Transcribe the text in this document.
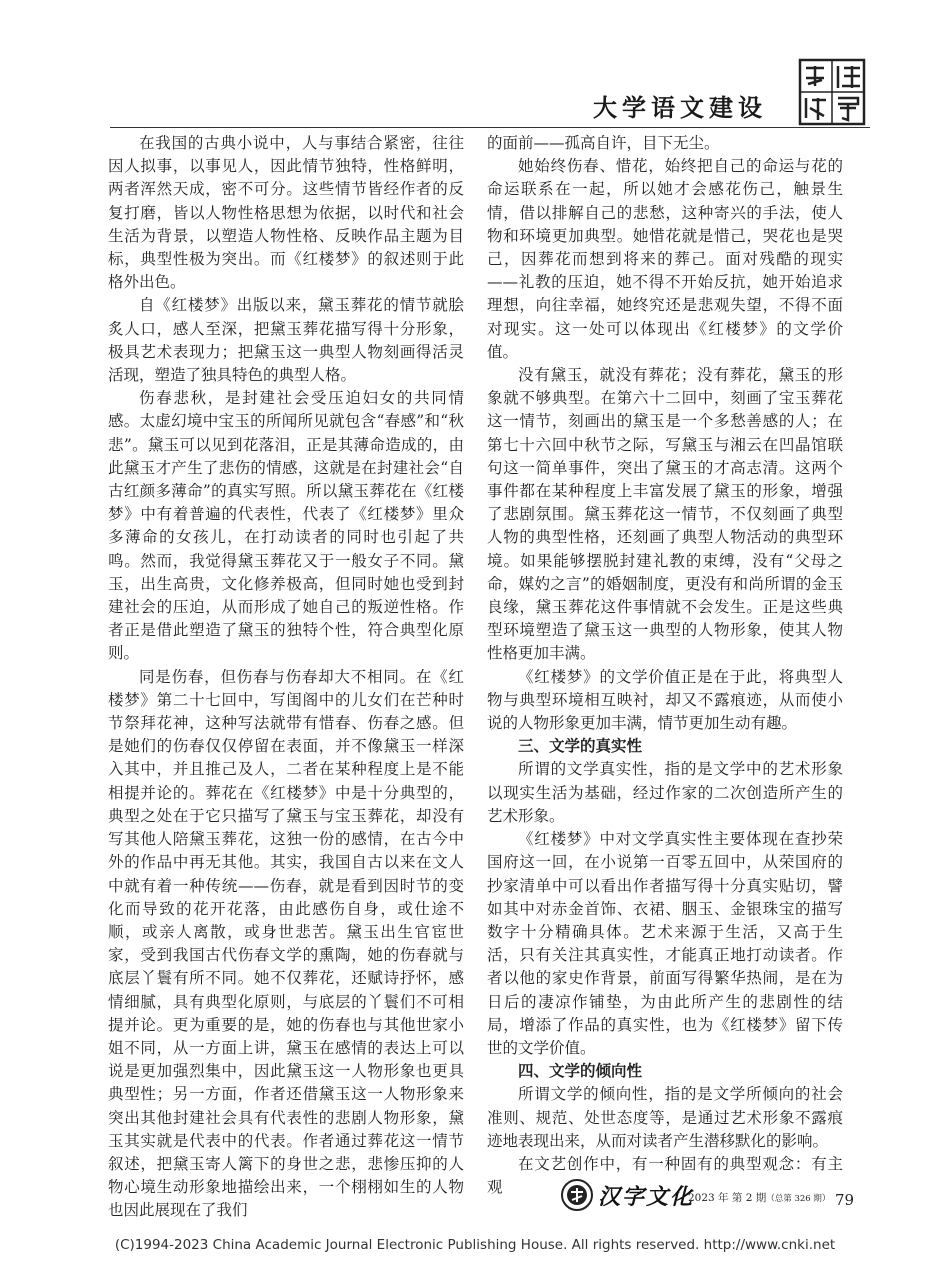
大学语文建设

在我国的古典小说中，人与事结合紧密，往往因人拟事，以事见人，因此情节独特，性格鲜明，两者浑然天成，密不可分。这些情节皆经作者的反复打磨，皆以人物性格思想为依据，以时代和社会生活为背景，以塑造人物性格、反映作品主题为目标，典型性极为突出。而《红楼梦》的叙述则于此格外出色。

自《红楼梦》出版以来，黛玉葬花的情节就脍炙人口，感人至深，把黛玉葬花描写得十分形象，极具艺术表现力；把黛玉这一典型人物刻画得活灵活现，塑造了独具特色的典型人格。

伤春悲秋，是封建社会受压迫妇女的共同情感。太虚幻境中宝玉的所闻所见就包含“春感”和“秋悲”。黛玉可以见到花落泪，正是其薄命造成的，由此黛玉才产生了悲伤的情感，这就是在封建社会“自古红颜多薄命”的真实写照。所以黛玉葬花在《红楼梦》中有着普遍的代表性，代表了《红楼梦》里众多薄命的女孩儿，在打动读者的同时也引起了共鸣。然而，我觉得黛玉葬花又于一般女子不同。黛玉，出生高贵，文化修养极高，但同时她也受到封建社会的压迫，从而形成了她自己的叛逆性格。作者正是借此塑造了黛玉的独特个性，符合典型化原则。

同是伤春，但伤春与伤春却大不相同。在《红楼梦》第二十七回中，写闺阁中的儿女们在芒种时节祭拜花神，这种写法就带有惜春、伤春之感。但是她们的伤春仅仅停留在表面，并不像黛玉一样深入其中，并且推己及人，二者在某种程度上是不能相提并论的。葬花在《红楼梦》中是十分典型的，典型之处在于它只描写了黛玉与宝玉葬花，却没有写其他人陪黛玉葬花，这独一份的感情，在古今中外的作品中再无其他。其实，我国自古以来在文人中就有着一种传统——伤春，就是看到因时节的变化而导致的花开花落，由此感伤自身，或仕途不顺，或亲人离散，或身世悲苦。黛玉出生官宦世家，受到我国古代伤春文学的熏陶，她的伤春就与底层丫鬟有所不同。她不仅葬花，还赋诗抒怀，感情细腻，具有典型化原则，与底层的丫鬟们不可相提并论。更为重要的是，她的伤春也与其他世家小姐不同，从一方面上讲，黛玉在感情的表达上可以说是更加强烈集中，因此黛玉这一人物形象也更具典型性；另一方面，作者还借黛玉这一人物形象来突出其他封建社会具有代表性的悲剧人物形象，黛玉其实就是代表中的代表。作者通过葬花这一情节叙述，把黛玉寄人篱下的身世之悲，悲惨压抑的人物心境生动形象地描绘出来，一个栩栩如生的人物也因此展现在了我们

的面前——孤高自许，目下无尘。

她始终伤春、惜花，始终把自己的命运与花的命运联系在一起，所以她才会感花伤己，触景生情，借以排解自己的悲愁，这种寄兴的手法，使人物和环境更加典型。她惜花就是惜己，哭花也是哭己，因葬花而想到将来的葬己。面对残酷的现实——礼教的压迫，她不得不开始反抗，她开始追求理想，向往幸福，她终究还是悲观失望，不得不面对现实。这一处可以体现出《红楼梦》的文学价值。

没有黛玉，就没有葬花；没有葬花，黛玉的形象就不够典型。在第六十二回中，刻画了宝玉葬花这一情节，刻画出的黛玉是一个多愁善感的人；在第七十六回中秋节之际，写黛玉与湘云在凹晶馆联句这一简单事件，突出了黛玉的才高志清。这两个事件都在某种程度上丰富发展了黛玉的形象，增强了悲剧氛围。黛玉葬花这一情节，不仅刻画了典型人物的典型性格，还刻画了典型人物活动的典型环境。如果能够摆脱封建礼教的束缚，没有“父母之命，媒妁之言”的婚姻制度，更没有和尚所谓的金玉良缘，黛玉葬花这件事情就不会发生。正是这些典型环境塑造了黛玉这一典型的人物形象，使其人物性格更加丰满。

《红楼梦》的文学价值正是在于此，将典型人物与典型环境相互映衬，却又不露痕迹，从而使小说的人物形象更加丰满，情节更加生动有趣。

三、文学的真实性

所谓的文学真实性，指的是文学中的艺术形象以现实生活为基础，经过作家的二次创造所产生的艺术形象。

《红楼梦》中对文学真实性主要体现在查抄荣国府这一回，在小说第一百零五回中，从荣国府的抄家清单中可以看出作者描写得十分真实贴切，譬如其中对赤金首饰、衣裙、胭玉、金银珠宝的描写数字十分精确具体。艺术来源于生活，又高于生活，只有关注其真实性，才能真正地打动读者。作者以他的家史作背景，前面写得繁华热闹，是在为日后的凄凉作铺垫，为由此所产生的悲剧性的结局，增添了作品的真实性，也为《红楼梦》留下传世的文学价值。

四、文学的倾向性

所谓文学的倾向性，指的是文学所倾向的社会准则、规范、处世态度等，是通过艺术形象不露痕迹地表现出来，从而对读者产生潜移默化的影响。

在文艺创作中，有一种固有的典型观念：有主观	汉字文化
2023 年 第 2 期（总第 326 期） 79
(C)1994-2023 China Academic Journal Electronic Publishing House. All rights reserved. http://www.cnki.net
